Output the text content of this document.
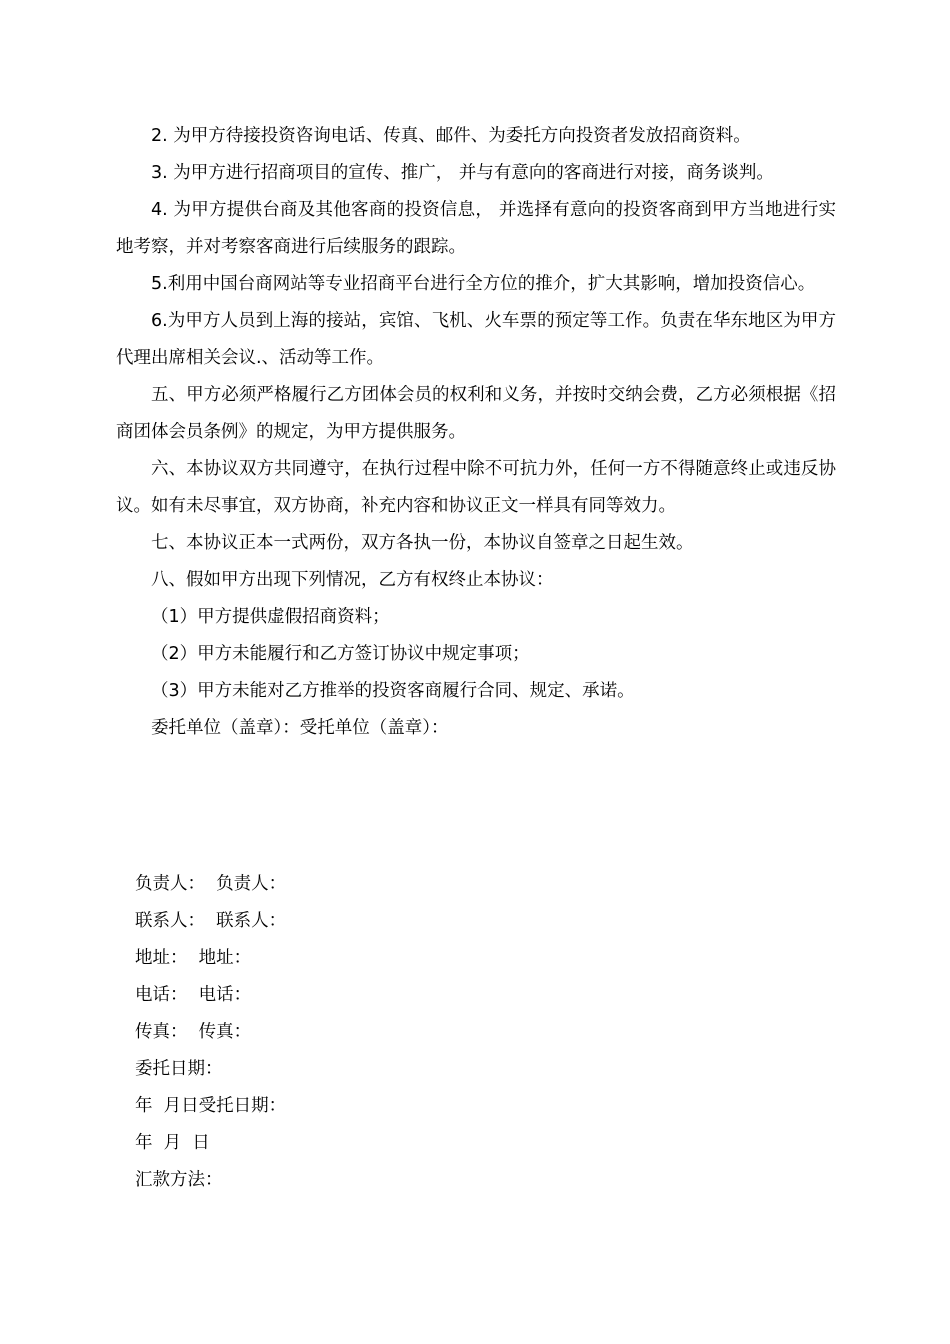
2. 为甲方待接投资咨询电话、传真、邮件、为委托方向投资者发放招商资料。

3. 为甲方进行招商项目的宣传、推广， 并与有意向的客商进行对接，商务谈判。

4. 为甲方提供台商及其他客商的投资信息， 并选择有意向的投资客商到甲方当地进行实地考察，并对考察客商进行后续服务的跟踪。

5.利用中国台商网站等专业招商平台进行全方位的推介，扩大其影响，增加投资信心。

6.为甲方人员到上海的接站，宾馆、飞机、火车票的预定等工作。负责在华东地区为甲方代理出席相关会议.、活动等工作。

五、甲方必须严格履行乙方团体会员的权利和义务，并按时交纳会费，乙方必须根据《招商团体会员条例》的规定，为甲方提供服务。

六、本协议双方共同遵守，在执行过程中除不可抗力外，任何一方不得随意终止或违反协议。如有未尽事宜，双方协商，补充内容和协议正文一样具有同等效力。

七、本协议正本一式两份，双方各执一份，本协议自签章之日起生效。

八、假如甲方出现下列情况，乙方有权终止本协议：

（1）甲方提供虚假招商资料；

（2）甲方未能履行和乙方签订协议中规定事项；

（3）甲方未能对乙方推举的投资客商履行合同、规定、承诺。

委托单位（盖章）：受托单位（盖章）：

负责人：  负责人：
联系人：  联系人：
地址：  地址：
电话：  电话：
传真：  传真：
委托日期：
年  月日受托日期：
年  月  日
汇款方法：
